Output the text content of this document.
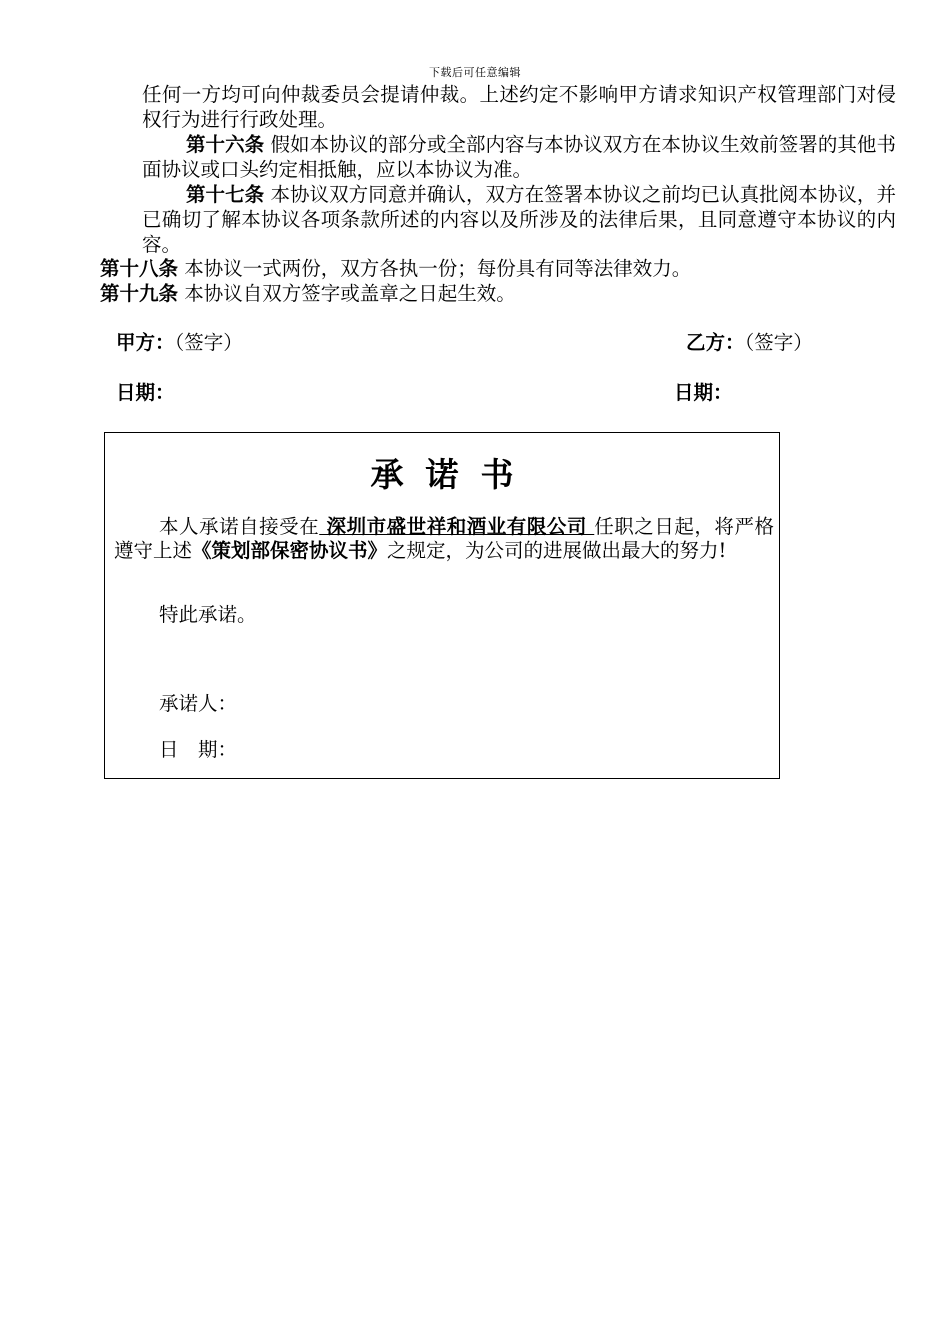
下载后可任意编辑

任何一方均可向仲裁委员会提请仲裁。上述约定不影响甲方请求知识产权管理部门对侵权行为进行行政处理。

第十六条 假如本协议的部分或全部内容与本协议双方在本协议生效前签署的其他书面协议或口头约定相抵触，应以本协议为准。

第十七条 本协议双方同意并确认，双方在签署本协议之前均已认真批阅本协议，并已确切了解本协议各项条款所述的内容以及所涉及的法律后果，且同意遵守本协议的内容。

第十八条 本协议一式两份，双方各执一份；每份具有同等法律效力。

第十九条 本协议自双方签字或盖章之日起生效。

甲方：（签字）	乙方：（签字）
日期：	日期：
承诺书

本人承诺自接受在 深圳市盛世祥和酒业有限公司 任职之日起，将严格遵守上述《策划部保密协议书》之规定，为公司的进展做出最大的努力!

特此承诺。
承诺人：
日　期：
